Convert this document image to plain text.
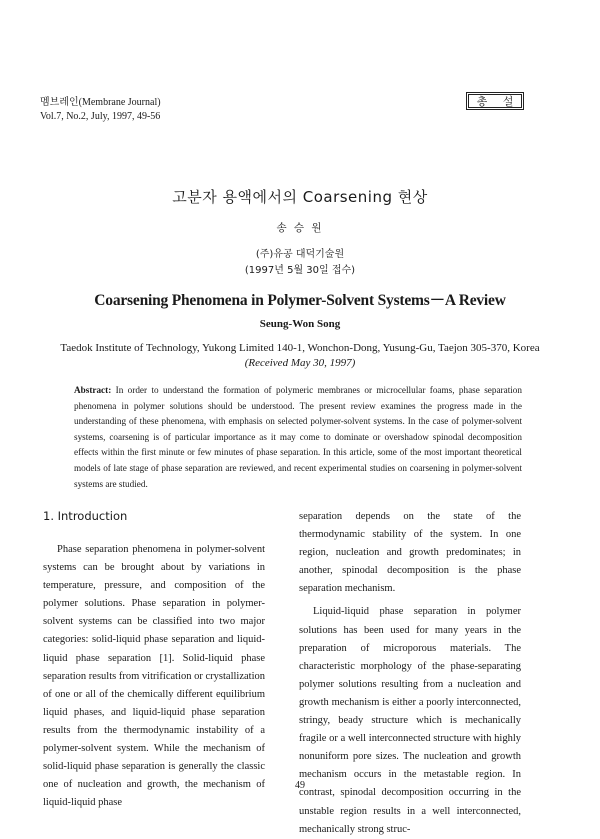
멤브레인(Membrane Journal)
Vol.7, No.2, July, 1997, 49-56
총 설
고분자 용액에서의 Coarsening 현상
송 승 원
(주)유공 대덕기술원
(1997년 5월 30일 접수)
Coarsening Phenomena in Polymer-Solvent Systems－A Review
Seung-Won Song
Taedok Institute of Technology, Yukong Limited 140-1, Wonchon-Dong, Yusung-Gu, Taejon 305-370, Korea
(Received May 30, 1997)
Abstract: In order to understand the formation of polymeric membranes or microcellular foams, phase separation phenomena in polymer solutions should be understood. The present review examines the progress made in the understanding of these phenomena, with emphasis on selected polymer-solvent systems. In the case of polymer-solvent systems, coarsening is of particular importance as it may come to dominate or overshadow spinodal decomposition effects within the first minute or few minutes of phase separation. In this article, some of the most important theoretical models of late stage of phase separation are reviewed, and recent experimental studies on coarsening in polymer-solvent systems are studied.

1. Introduction

Phase separation phenomena in polymer-solvent systems can be brought about by variations in temperature, pressure, and composition of the polymer solutions. Phase separation in polymer-solvent systems can be classified into two major categories: solid-liquid phase separation and liquid-liquid phase separation [1]. Solid-liquid phase separation results from vitrification or crystallization of one or all of the chemically different equilibrium liquid phases, and liquid-liquid phase separation results from the thermodynamic instability of a polymer-solvent system. While the mechanism of solid-liquid phase separation is generally the classic one of nucleation and growth, the mechanism of liquid-liquid phase

separation depends on the state of the thermodynamic stability of the system. In one region, nucleation and growth predominates; in another, spinodal decomposition is the phase separation mechanism.

Liquid-liquid phase separation in polymer solutions has been used for many years in the preparation of microporous materials. The characteristic morphology of the phase-separating polymer solutions resulting from a nucleation and growth mechanism is either a poorly interconnected, stringy, beady structure which is mechanically fragile or a well interconnected structure with highly nonuniform pore sizes. The nucleation and growth mechanism occurs in the metastable region. In contrast, spinodal decomposition occurring in the unstable region results in a well interconnected, mechanically strong struc-

49
